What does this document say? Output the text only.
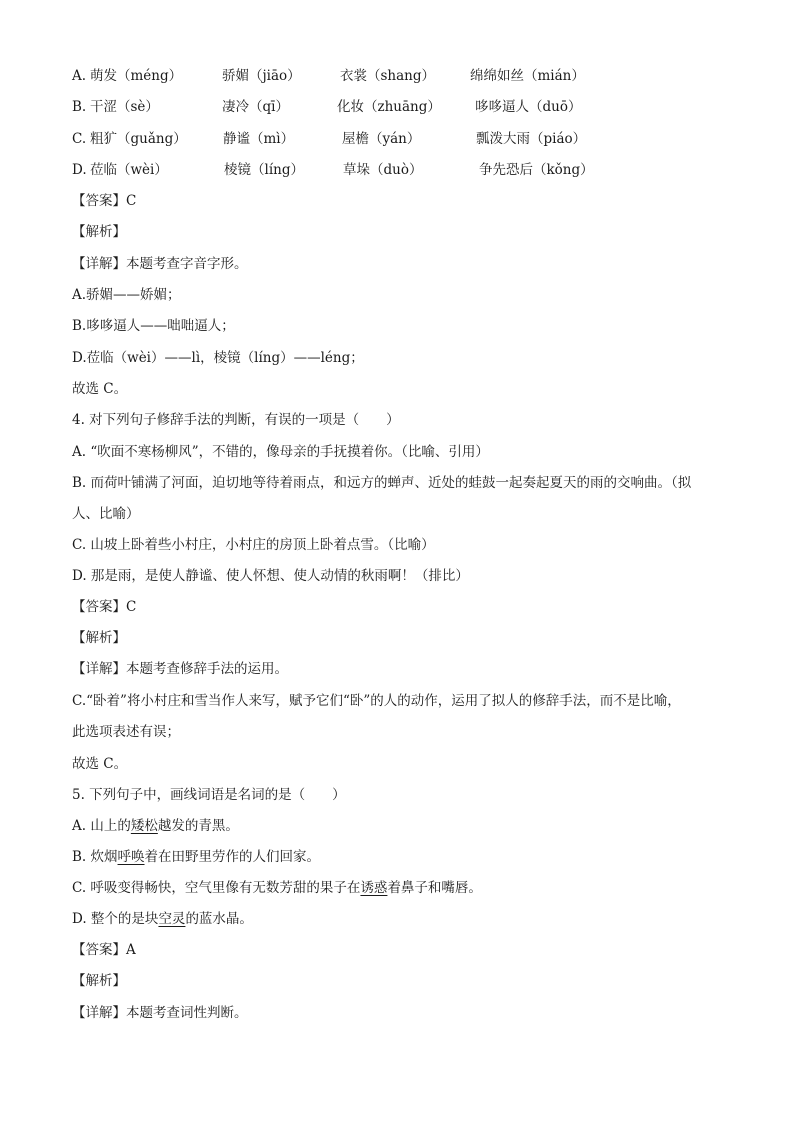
A. 萌发（méng）	骄媚（jiāo）	衣裳（shang）	绵绵如丝（mián）
B. 干涩（sè）	凄冷（qī）	化妆（zhuāng）	哆哆逼人（duō）
C. 粗犷（guǎng）	静谧（mì）	屋檐（yán）	瓢泼大雨（piáo）
D. 莅临（wèi）	棱镜（líng）	草垛（duò）	争先恐后（kǒng）
【答案】C
【解析】
【详解】本题考查字音字形。
A.骄媚——娇媚；
B.哆哆逼人——咄咄逼人；
D.莅临（wèi）——lì，棱镜（líng）——léng；
故选 C。
4. 对下列句子修辞手法的判断，有误的一项是（　　）
A. “吹面不寒杨柳风”，不错的，像母亲的手抚摸着你。（比喻、引用）
B. 而荷叶铺满了河面，迫切地等待着雨点，和远方的蝉声、近处的蛙鼓一起奏起夏天的雨的交响曲。（拟
人、比喻）
C. 山坡上卧着些小村庄，小村庄的房顶上卧着点雪。（比喻）
D. 那是雨，是使人静谧、使人怀想、使人动情的秋雨啊！（排比）
【答案】C
【解析】
【详解】本题考查修辞手法的运用。
C.“卧着”将小村庄和雪当作人来写，赋予它们“卧”的人的动作，运用了拟人的修辞手法，而不是比喻，
此选项表述有误；
故选 C。
5. 下列句子中，画线词语是名词的是（　　）
A. 山上的矮松越发的青黑。
B. 炊烟呼唤着在田野里劳作的人们回家。
C. 呼吸变得畅快，空气里像有无数芳甜的果子在诱惑着鼻子和嘴唇。
D. 整个的是块空灵的蓝水晶。
【答案】A
【解析】
【详解】本题考查词性判断。
